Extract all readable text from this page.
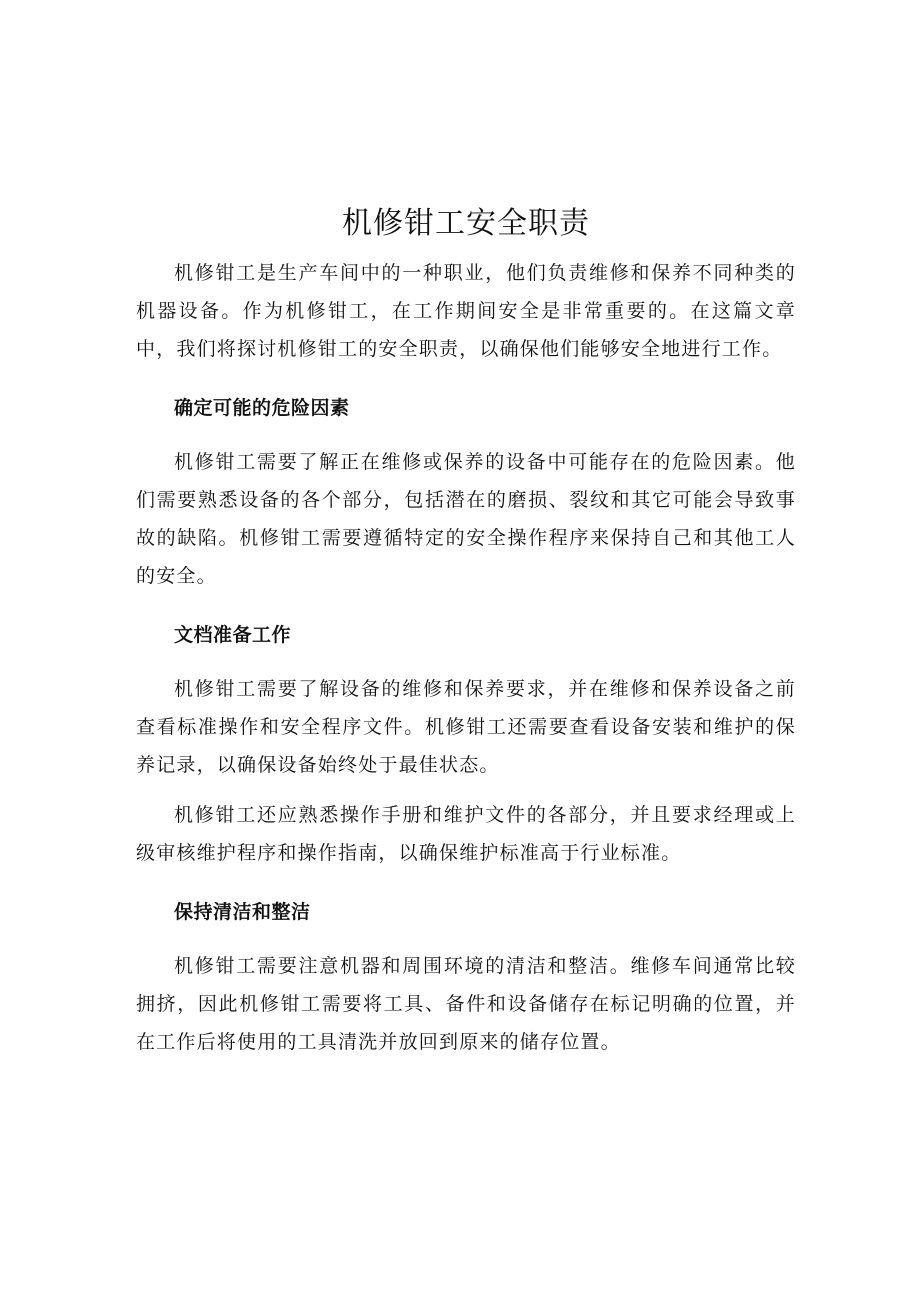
机修钳工安全职责

机修钳工是生产车间中的一种职业，他们负责维修和保养不同种类的机器设备。作为机修钳工，在工作期间安全是非常重要的。在这篇文章中，我们将探讨机修钳工的安全职责，以确保他们能够安全地进行工作。

确定可能的危险因素

机修钳工需要了解正在维修或保养的设备中可能存在的危险因素。他们需要熟悉设备的各个部分，包括潜在的磨损、裂纹和其它可能会导致事故的缺陷。机修钳工需要遵循特定的安全操作程序来保持自己和其他工人的安全。

文档准备工作

机修钳工需要了解设备的维修和保养要求，并在维修和保养设备之前查看标准操作和安全程序文件。机修钳工还需要查看设备安装和维护的保养记录，以确保设备始终处于最佳状态。

机修钳工还应熟悉操作手册和维护文件的各部分，并且要求经理或上级审核维护程序和操作指南，以确保维护标准高于行业标准。

保持清洁和整洁

机修钳工需要注意机器和周围环境的清洁和整洁。维修车间通常比较拥挤，因此机修钳工需要将工具、备件和设备储存在标记明确的位置，并在工作后将使用的工具清洗并放回到原来的储存位置。
